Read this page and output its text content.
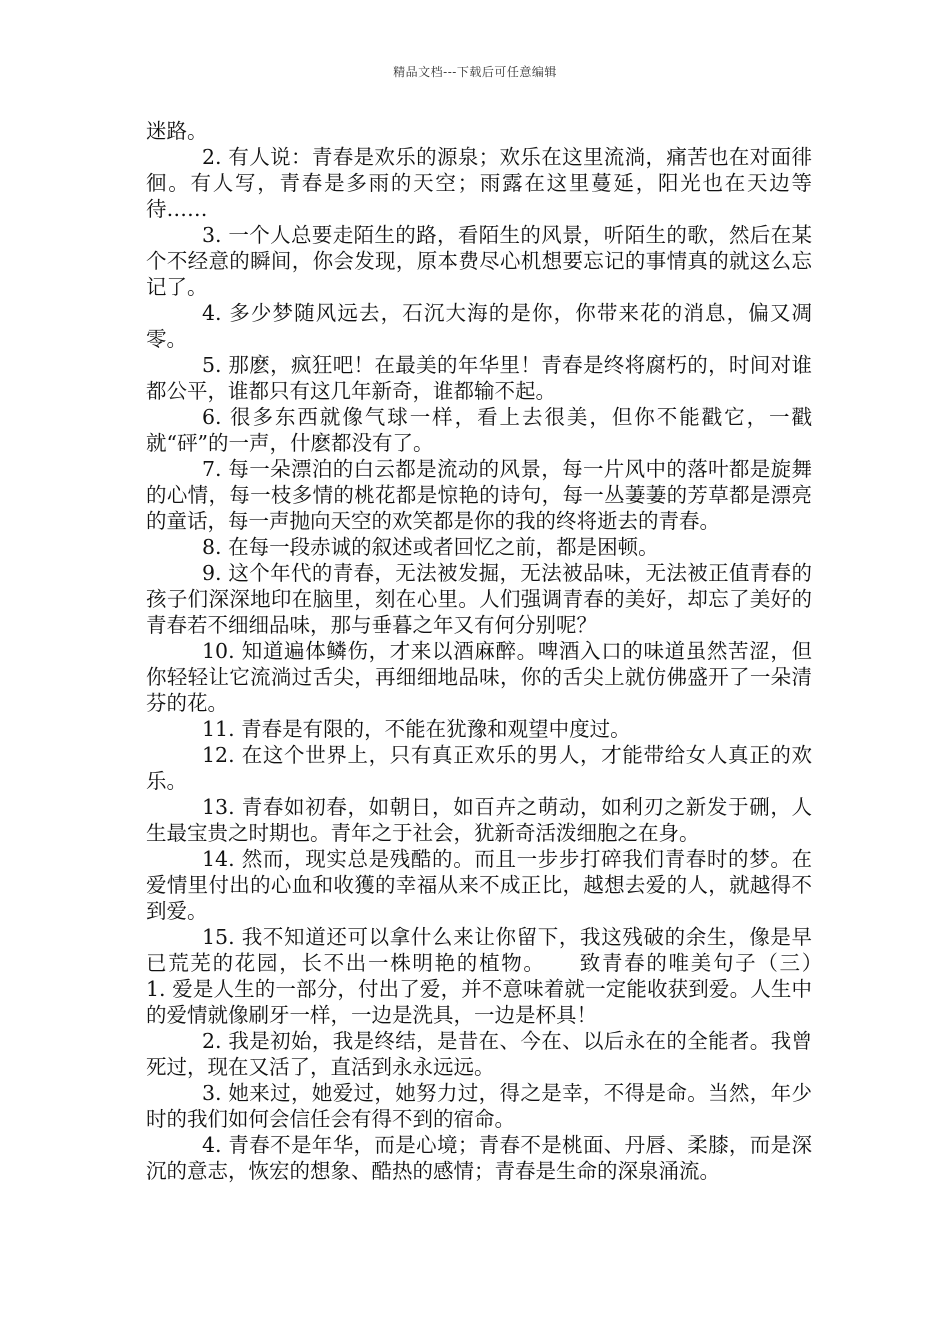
精品文档---下载后可任意编辑

迷路。

2. 有人说：青春是欢乐的源泉；欢乐在这里流淌，痛苦也在对面徘徊。有人写，青春是多雨的天空；雨露在这里蔓延，阳光也在天边等待……

3. 一个人总要走陌生的路，看陌生的风景，听陌生的歌，然后在某个不经意的瞬间，你会发现，原本费尽心机想要忘记的事情真的就这么忘记了。

4. 多少梦随风远去，石沉大海的是你，你带来花的消息，偏又凋零。

5. 那麽，疯狂吧！在最美的年华里！青春是终将腐朽的，时间对谁都公平，谁都只有这几年新奇，谁都输不起。

6. 很多东西就像气球一样，看上去很美，但你不能戳它，一戳就“砰”的一声，什麽都没有了。

7. 每一朵漂泊的白云都是流动的风景，每一片风中的落叶都是旋舞的心情，每一枝多情的桃花都是惊艳的诗句，每一丛萋萋的芳草都是漂亮的童话，每一声抛向天空的欢笑都是你的我的终将逝去的青春。

8. 在每一段赤诚的叙述或者回忆之前，都是困顿。

9. 这个年代的青春，无法被发掘，无法被品味，无法被正值青春的孩子们深深地印在脑里，刻在心里。人们强调青春的美好，却忘了美好的青春若不细细品味，那与垂暮之年又有何分别呢？

10. 知道遍体鳞伤，才来以酒麻醉。啤酒入口的味道虽然苦涩，但你轻轻让它流淌过舌尖，再细细地品味，你的舌尖上就仿佛盛开了一朵清芬的花。

11. 青春是有限的，不能在犹豫和观望中度过。

12. 在这个世界上，只有真正欢乐的男人，才能带给女人真正的欢乐。

13. 青春如初春，如朝日，如百卉之萌动，如利刃之新发于硎，人生最宝贵之时期也。青年之于社会，犹新奇活泼细胞之在身。

14. 然而，现实总是残酷的。而且一步步打碎我们青春时的梦。在爱情里付出的心血和收獲的幸福从来不成正比，越想去爱的人，就越得不到爱。

15. 我不知道还可以拿什么来让你留下，我这残破的余生，像是早已荒芜的花园，长不出一株明艳的植物。　　致青春的唯美句子（三）　　1. 爱是人生的一部分，付出了爱，并不意味着就一定能收获到爱。人生中的爱情就像刷牙一样，一边是洗具，一边是杯具！

2. 我是初始，我是终结，是昔在、今在、以后永在的全能者。我曾死过，现在又活了，直活到永永远远。

3. 她来过，她爱过，她努力过，得之是幸，不得是命。当然，年少时的我们如何会信任会有得不到的宿命。

4. 青春不是年华，而是心境；青春不是桃面、丹唇、柔膝，而是深沉的意志，恢宏的想象、酷热的感情；青春是生命的深泉涌流。
